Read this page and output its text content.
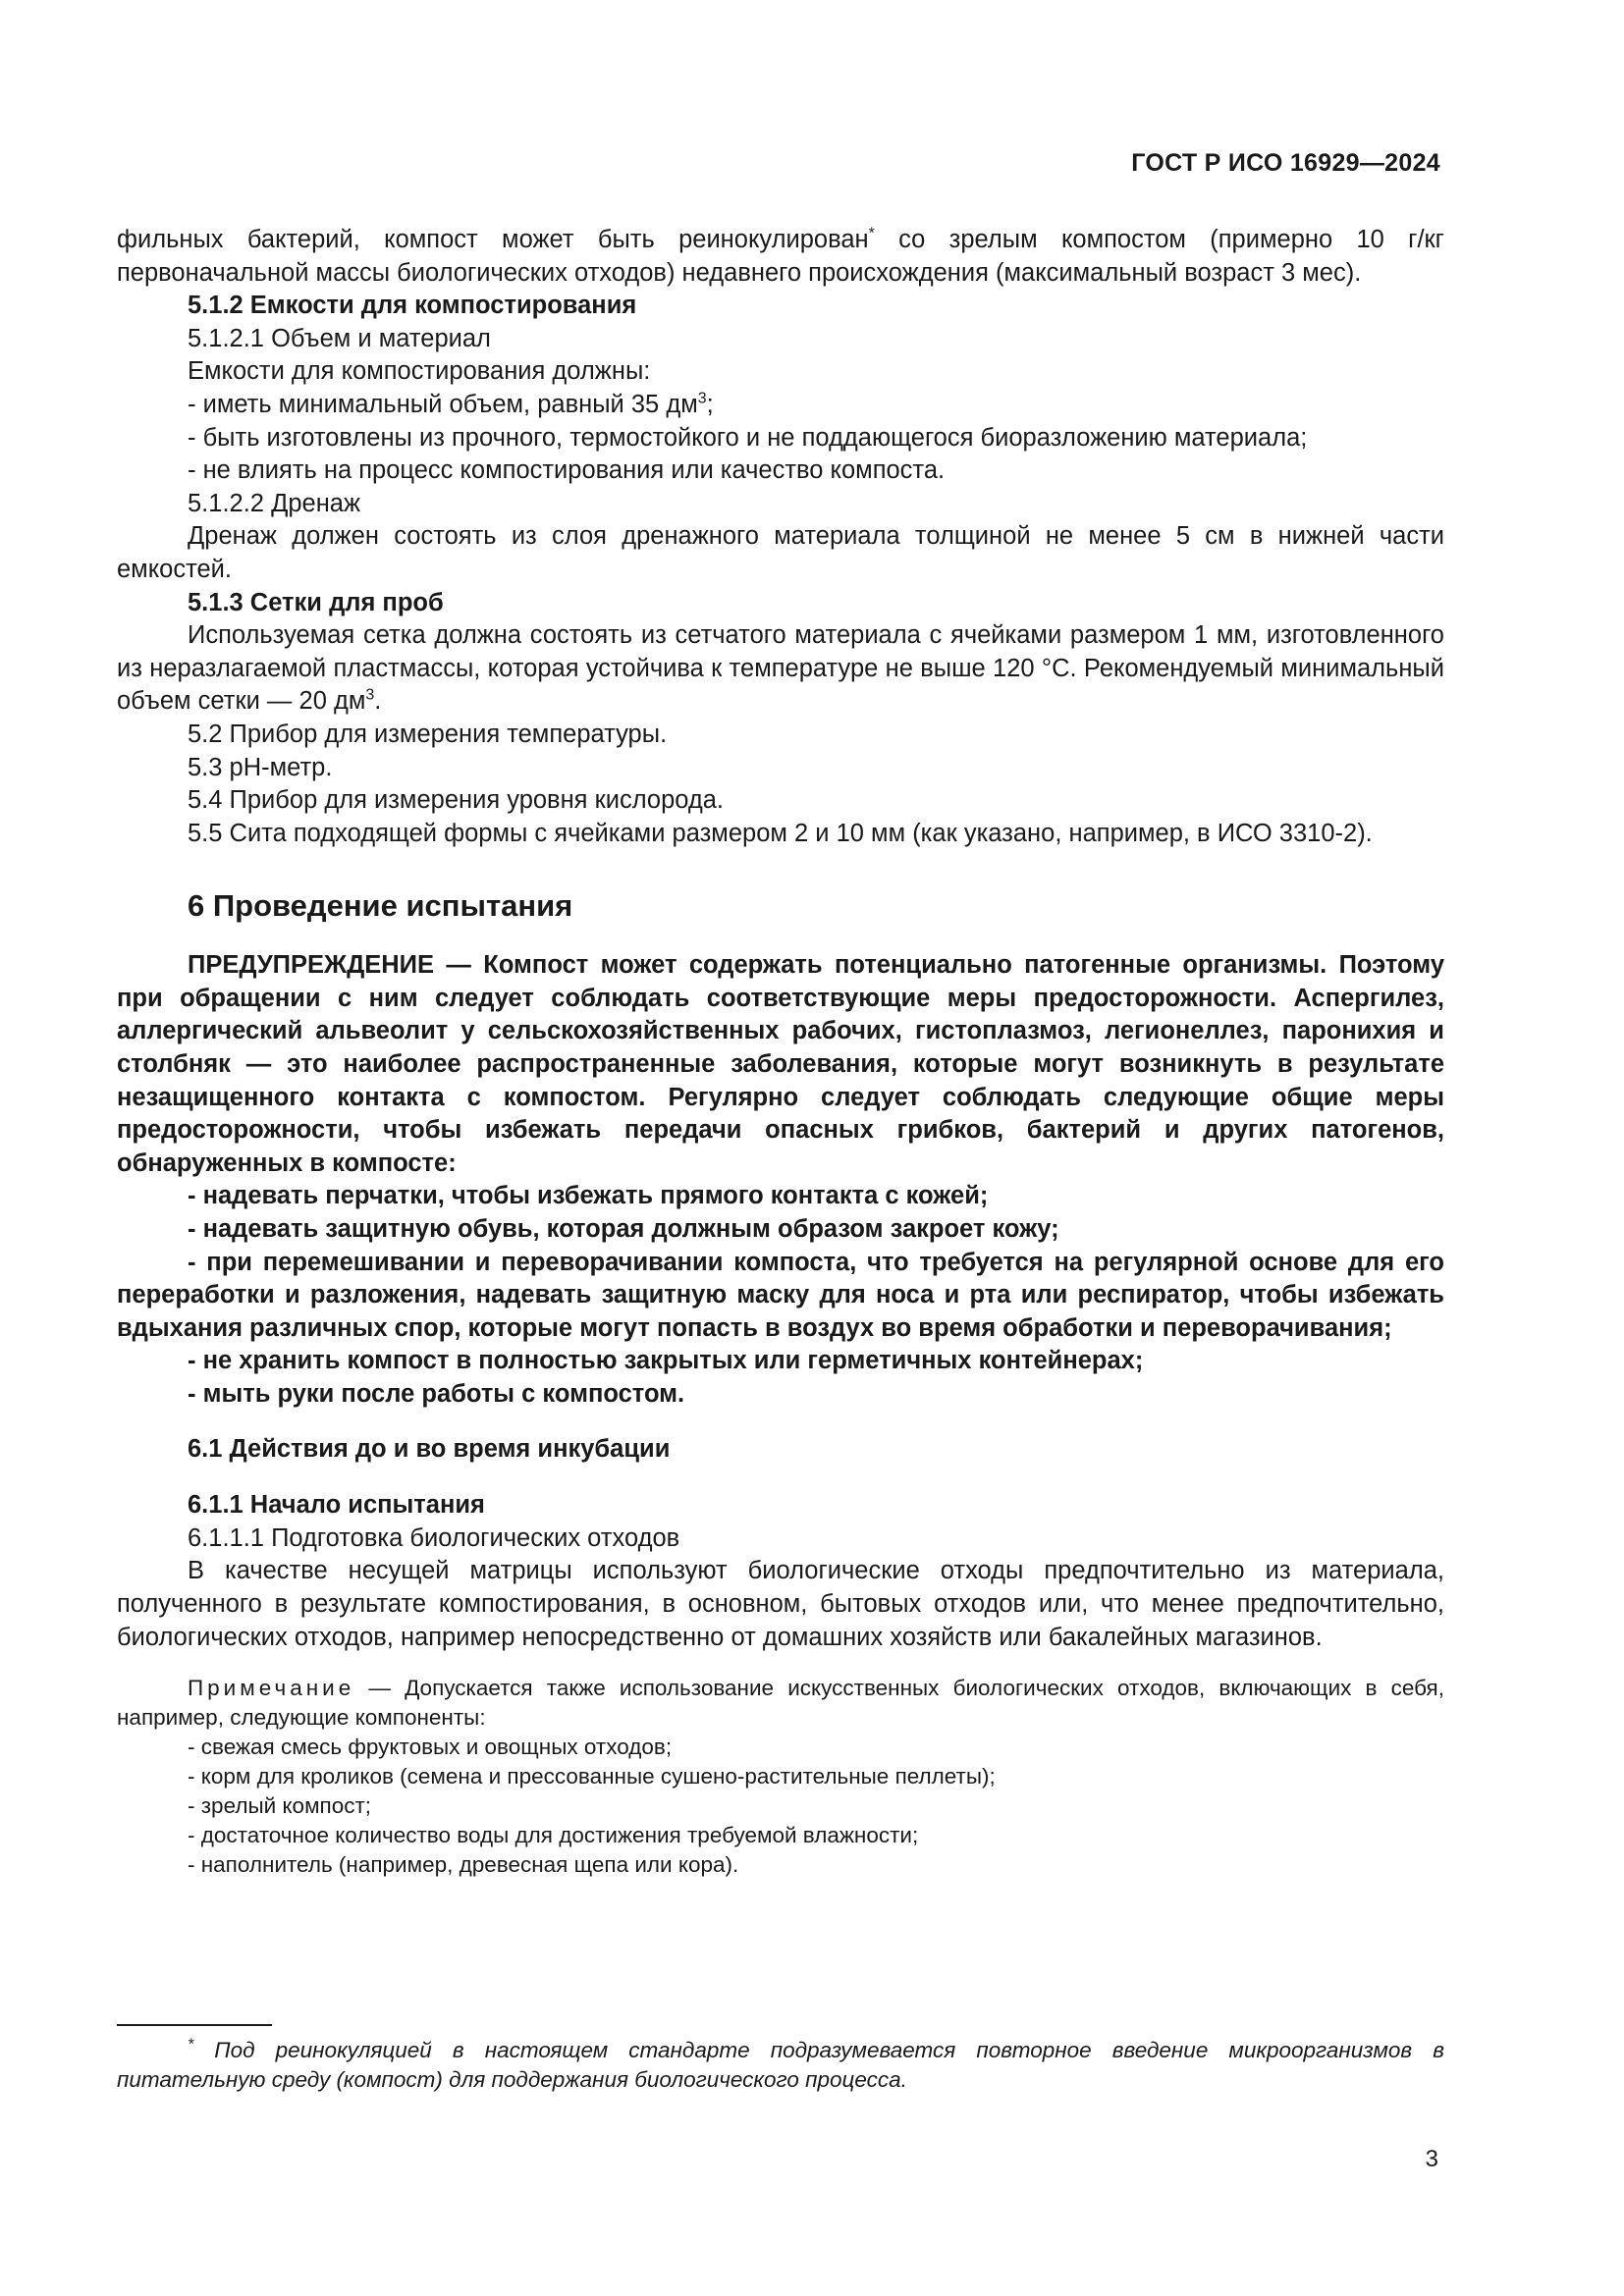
ГОСТ Р ИСО 16929—2024

фильных бактерий, компост может быть реинокулирован* со зрелым компостом (примерно 10 г/кг первоначальной массы биологических отходов) недавнего происхождения (максимальный возраст 3 мес).

5.1.2 Емкости для компостирования

5.1.2.1 Объем и материал

Емкости для компостирования должны:

- иметь минимальный объем, равный 35 $дм^3$;

- быть изготовлены из прочного, термостойкого и не поддающегося биоразложению материала;

- не влиять на процесс компостирования или качество компоста.

5.1.2.2 Дренаж

Дренаж должен состоять из слоя дренажного материала толщиной не менее 5 см в нижней части емкостей.

5.1.3 Сетки для проб

Используемая сетка должна состоять из сетчатого материала с ячейками размером 1 мм, изготовленного из неразлагаемой пластмассы, которая устойчива к температуре не выше 120 °С. Рекомендуемый минимальный объем сетки — 20 $дм^3$.

5.2 Прибор для измерения температуры.

5.3 pH-метр.

5.4 Прибор для измерения уровня кислорода.

5.5 Сита подходящей формы с ячейками размером 2 и 10 мм (как указано, например, в ИСО 3310-2).

6 Проведение испытания

ПРЕДУПРЕЖДЕНИЕ — Компост может содержать потенциально патогенные организмы. Поэтому при обращении с ним следует соблюдать соответствующие меры предосторожности. Аспергилез, аллергический альвеолит у сельскохозяйственных рабочих, гистоплазмоз, легионеллез, паронихия и столбняк — это наиболее распространенные заболевания, которые могут возникнуть в результате незащищенного контакта с компостом. Регулярно следует соблюдать следующие общие меры предосторожности, чтобы избежать передачи опасных грибков, бактерий и других патогенов, обнаруженных в компосте:

- надевать перчатки, чтобы избежать прямого контакта с кожей;

- надевать защитную обувь, которая должным образом закроет кожу;

- при перемешивании и переворачивании компоста, что требуется на регулярной основе для его переработки и разложения, надевать защитную маску для носа и рта или респиратор, чтобы избежать вдыхания различных спор, которые могут попасть в воздух во время обработки и переворачивания;

- не хранить компост в полностью закрытых или герметичных контейнерах;

- мыть руки после работы с компостом.

6.1 Действия до и во время инкубации

6.1.1 Начало испытания

6.1.1.1 Подготовка биологических отходов

В качестве несущей матрицы используют биологические отходы предпочтительно из материала, полученного в результате компостирования, в основном, бытовых отходов или, что менее предпочтительно, биологических отходов, например непосредственно от домашних хозяйств или бакалейных магазинов.

Примечание — Допускается также использование искусственных биологических отходов, включающих в себя, например, следующие компоненты:

- свежая смесь фруктовых и овощных отходов;

- корм для кроликов (семена и прессованные сушено-растительные пеллеты);

- зрелый компост;

- достаточное количество воды для достижения требуемой влажности;

- наполнитель (например, древесная щепа или кора).

* Под реинокуляцией в настоящем стандарте подразумевается повторное введение микроорганизмов в питательную среду (компост) для поддержания биологического процесса.

3
